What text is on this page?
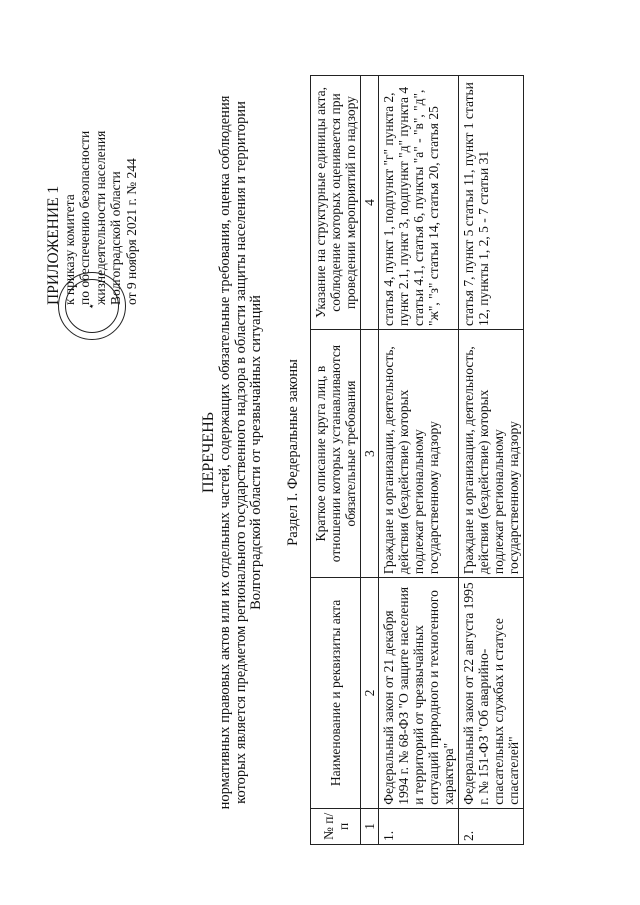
ПРИЛОЖЕНИЕ 1 к приказу комитета по обеспечению безопасности жизнедеятельности населения Волгоградской области от 9 ноября 2021 г. № 244
✦
ПЕРЕЧЕНЬ нормативных правовых актов или их отдельных частей, содержащих обязательные требования, оценка соблюдения которых является предметом регионального государственного надзора в области защиты населения и территории Волгоградской области от чрезвычайных ситуаций Раздел I. Федеральные законы
№ п/п	Наименование и реквизиты акта	Краткое описание круга лиц, в отношении которых устанавливаются обязательные требования	Указание на структурные единицы акта, соблюдение которых оценивается при проведении мероприятий по надзору
1	2	3	4
1.	Федеральный закон от 21 декабря 1994 г. № 68-ФЗ "О защите населения и территорий от чрезвычайных ситуаций природного и техногенного характера"	Граждане и организации, деятельность, действия (бездействие) которых подлежат региональному государственному надзору	статья 4, пункт 1, подпункт "г" пункта 2, пункт 2.1, пункт 3, подпункт "д" пункта 4 статьи 4.1, статья 6, пункты "а" - "в", "д", "ж", "з" статьи 14, статья 20, статья 25
2.	Федеральный закон от 22 августа 1995 г. № 151-ФЗ "Об аварийно-спасательных службах и статусе спасателей"	Граждане и организации, деятельность, действия (бездействие) которых подлежат региональному государственному надзору	статья 7, пункт 5 статьи 11, пункт 1 статьи 12, пункты 1, 2, 5 - 7 статьи 31
